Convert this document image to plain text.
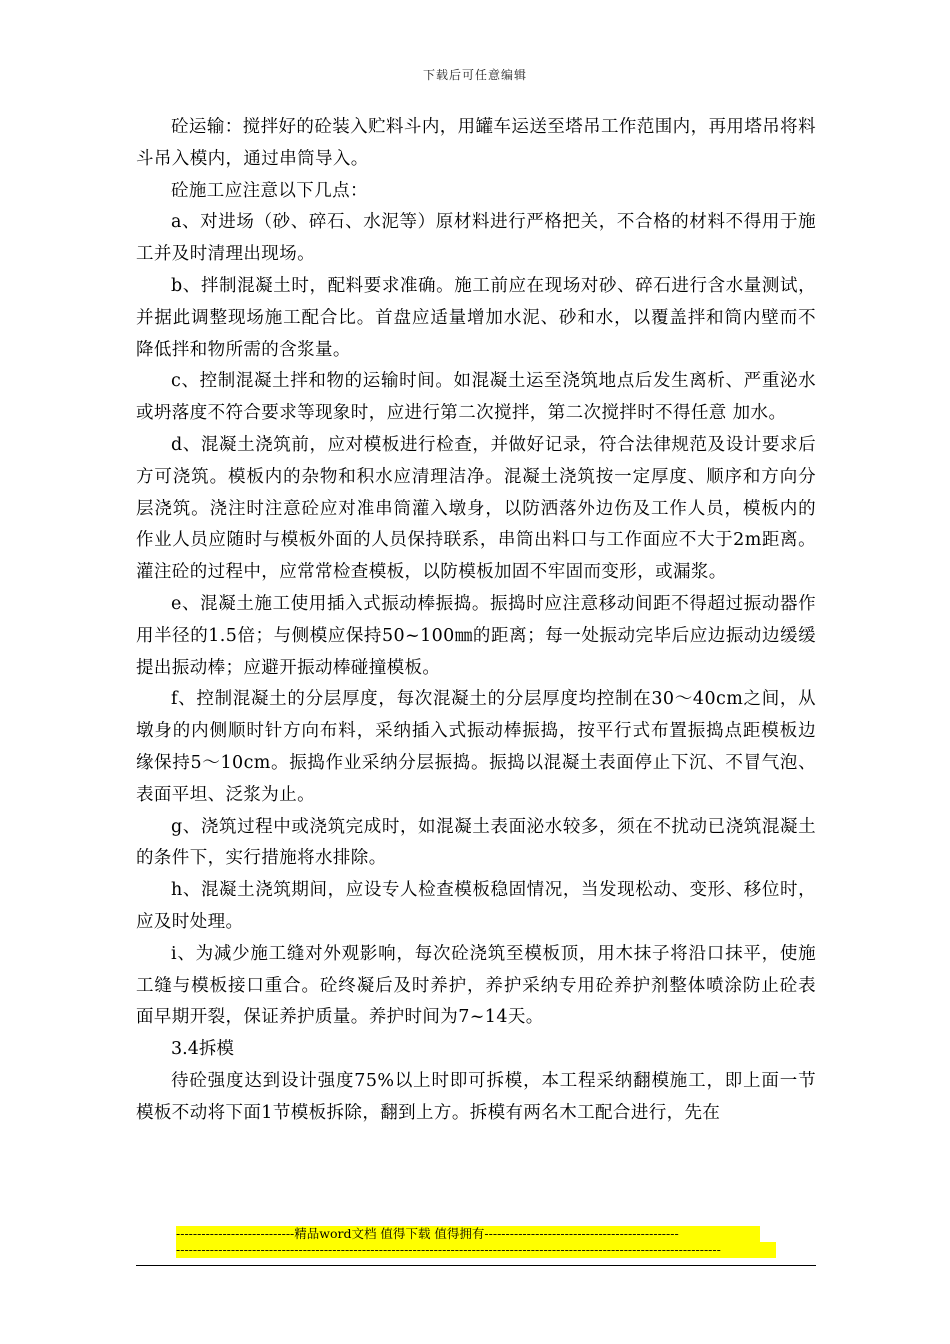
下载后可任意编辑

砼运输：搅拌好的砼装入贮料斗内，用罐车运送至塔吊工作范围内，再用塔吊将料斗吊入模内，通过串筒导入。

砼施工应注意以下几点：

a、对进场（砂、碎石、水泥等）原材料进行严格把关，不合格的材料不得用于施工并及时清理出现场。

b、拌制混凝土时，配料要求准确。施工前应在现场对砂、碎石进行含水量测试，并据此调整现场施工配合比。首盘应适量增加水泥、砂和水，以覆盖拌和筒内壁而不降低拌和物所需的含浆量。

c、控制混凝土拌和物的运输时间。如混凝土运至浇筑地点后发生离析、严重泌水或坍落度不符合要求等现象时，应进行第二次搅拌，第二次搅拌时不得任意 加水。

d、混凝土浇筑前，应对模板进行检查，并做好记录，符合法律规范及设计要求后方可浇筑。模板内的杂物和积水应清理洁净。混凝土浇筑按一定厚度、顺序和方向分层浇筑。浇注时注意砼应对准串筒灌入墩身，以防洒落外边伤及工作人员，模板内的作业人员应随时与模板外面的人员保持联系，串筒出料口与工作面应不大于2m距离。灌注砼的过程中，应常常检查模板，以防模板加固不牢固而变形，或漏浆。

e、混凝土施工使用插入式振动棒振捣。振捣时应注意移动间距不得超过振动器作用半径的1.5倍；与侧模应保持50~100㎜的距离；每一处振动完毕后应边振动边缓缓提出振动棒；应避开振动棒碰撞模板。

f、控制混凝土的分层厚度，每次混凝土的分层厚度均控制在30～40cm之间，从墩身的内侧顺时针方向布料，采纳插入式振动棒振捣，按平行式布置振捣点距模板边缘保持5～10cm。振捣作业采纳分层振捣。振捣以混凝土表面停止下沉、不冒气泡、表面平坦、泛浆为止。

g、浇筑过程中或浇筑完成时，如混凝土表面泌水较多，须在不扰动已浇筑混凝土的条件下，实行措施将水排除。

h、混凝土浇筑期间，应设专人检查模板稳固情况，当发现松动、变形、移位时，应及时处理。

i、为减少施工缝对外观影响，每次砼浇筑至模板顶，用木抹子将沿口抹平，使施工缝与模板接口重合。砼终凝后及时养护，养护采纳专用砼养护剂整体喷涂防止砼表面早期开裂，保证养护质量。养护时间为7~14天。

3.4拆模

待砼强度达到设计强度75%以上时即可拆模，本工程采纳翻模施工，即上面一节模板不动将下面1节模板拆除，翻到上方。拆模有两名木工配合进行，先在

----------------------------精品word文档 值得下载 值得拥有----------------------------------------------
---------------------------------------------------------------------------------------------------------------------------------
